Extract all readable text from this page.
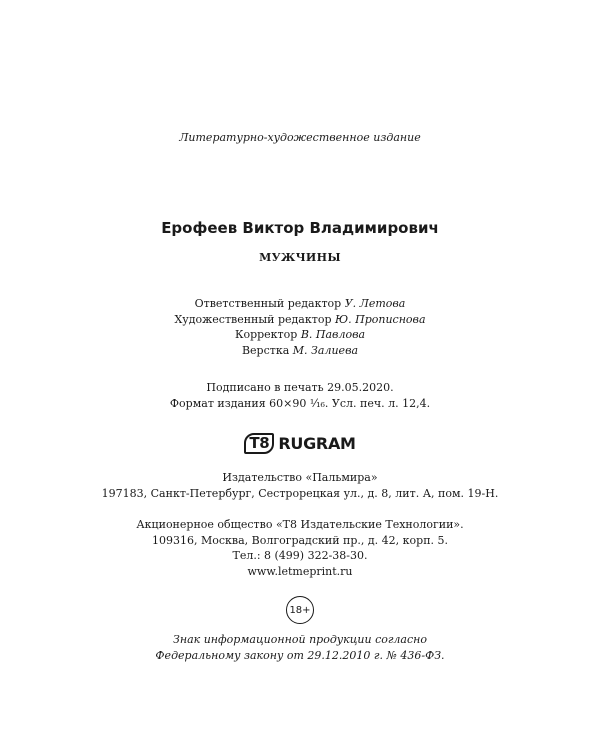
Литературно-художественное издание
Ерофеев Виктор Владимирович
МУЖЧИНЫ
Ответственный редактор У. Летова
Художественный редактор Ю. Прописнова
Корректор В. Павлова
Верстка М. Залиева
Подписано в печать 29.05.2020.
Формат издания 60×90 ¹⁄₁₆. Усл. печ. л. 12,4.
T8 RUGRAM
Издательство «Пальмира»
197183, Санкт-Петербург, Сестрорецкая ул., д. 8, лит. А, пом. 19-Н.
Акционерное общество «Т8 Издательские Технологии».
109316, Москва, Волгоградский пр., д. 42, корп. 5.
Тел.: 8 (499) 322-38-30.
www.letmeprint.ru
18+
Знак информационной продукции согласно
Федеральному закону от 29.12.2010 г. № 436-ФЗ.
